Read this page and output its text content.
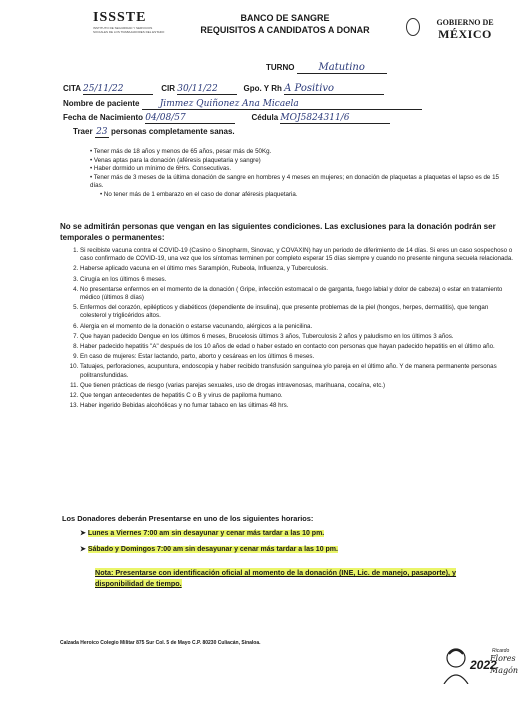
ISSSTE
INSTITUTO DE SEGURIDAD Y SERVICIOS SOCIALES DE LOS TRABAJADORES DEL ESTADO
BANCO DE SANGRE
REQUISITOS A CANDIDATOS A DONAR
GOBIERNO DE
MÉXICO
TURNO Matutino
CITA 25/11/22	CIR 30/11/22	Gpo. Y Rh A Positivo
Nombre de paciente Jimmez Quiñonez Ana Micaela
Fecha de Nacimiento 04/08/57	Cédula MOJ5824311/6
Traer 23 personas completamente sanas.
• Tener más de 18 años y menos de 65 años, pesar más de 50Kg.
• Venas aptas para la donación (aféresis plaquetaria y sangre)
• Haber dormido un mínimo de 6Hrs. Consecutivas.
• Tener más de 3 meses de la última donación de sangre en hombres y 4 meses en mujeres; en donación de plaquetas a plaquetas el lapso es de 15 días.
• No tener más de 1 embarazo en el caso de donar aféresis plaquetaria.
No se admitirán personas que vengan en las siguientes condiciones. Las exclusiones para la donación podrán ser temporales o permanentes:
1. Si recibiste vacuna contra el COVID-19 (Casino o Sinopharm, Sinovac, y COVAXIN) hay un periodo de diferimiento de 14 días. Si eres un caso sospechoso o caso confirmado de COVID-19, una vez que los síntomas terminen por completo esperar 15 días siempre y cuando no presente ninguna secuela relacionada.
2. Haberse aplicado vacuna en el último mes Sarampión, Rubeola, Influenza, y Tuberculosis.
3. Cirugía en los últimos 6 meses.
4. No presentarse enfermos en el momento de la donación ( Gripe, infección estomacal o de garganta, fuego labial y dolor de cabeza) o estar en tratamiento médico (últimos 8 días)
5. Enfermos del corazón, epilépticos y diabéticos (dependiente de insulina), que presente problemas de la piel (hongos, herpes, dermatitis), que tengan colesterol y triglicéridos altos.
6. Alergia en el momento de la donación o estarse vacunando, alérgicos a la penicilina.
7. Que hayan padecido Dengue en los últimos 6 meses, Brucelosis últimos 3 años, Tuberculosis 2 años y paludismo en los últimos 3 años.
8. Haber padecido hepatitis "A" después de los 10 años de edad o haber estado en contacto con personas que hayan padecido hepatitis en el último año.
9. En caso de mujeres: Estar lactando, parto, aborto y cesáreas en los últimos 6 meses.
10. Tatuajes, perforaciones, acupuntura, endoscopia y haber recibido transfusión sanguínea y/o pareja en el último año. Y de manera permanente personas politransfundidas.
11. Que tienen prácticas de riesgo (varias parejas sexuales, uso de drogas intravenosas, marihuana, cocaína, etc.)
12. Que tengan antecedentes de hepatitis C o B y virus de papiloma humano.
13. Haber ingerido Bebidas alcohólicas y no fumar tabaco en las últimas 48 hrs.
Los Donadores deberán Presentarse en uno de los siguientes horarios:
➤ Lunes a Viernes 7:00 am sin desayunar y cenar más tardar a las 10 pm.
➤ Sábado y Domingos 7:00 am sin desayunar y cenar más tardar a las 10 pm.
Nota: Presentarse con identificación oficial al momento de la donación (INE, Lic. de manejo, pasaporte), y disponibilidad de tiempo.
Calzada Heroico Colegio Militar 875 Sur Col. 5 de Mayo C.P. 80230 Culiacán, Sinaloa.
2022
Ricardo
Flores
Magón
